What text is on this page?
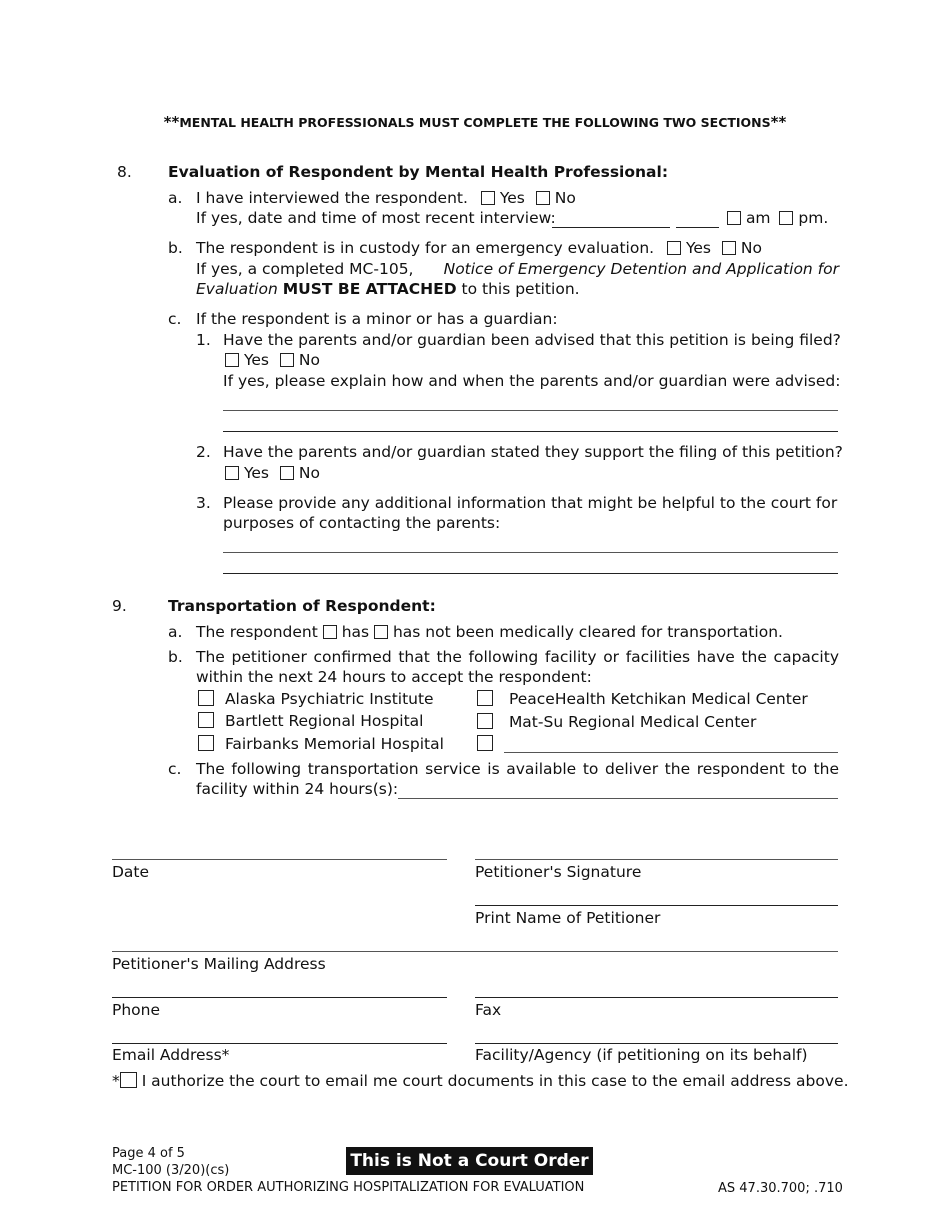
**MENTAL HEALTH PROFESSIONALS MUST COMPLETE THE FOLLOWING TWO SECTIONS**
8. Evaluation of Respondent by Mental Health Professional:
a. I have interviewed the respondent. Yes No
If yes, date and time of most recent interview:	am pm.
b. The respondent is in custody for an emergency evaluation. Yes No
If yes, a completed MC-105, Notice of Emergency Detention and Application for
Evaluation MUST BE ATTACHED to this petition.
c. If the respondent is a minor or has a guardian:
1. Have the parents and/or guardian been advised that this petition is being filed?
Yes No
If yes, please explain how and when the parents and/or guardian were advised:
2. Have the parents and/or guardian stated they support the filing of this petition?
Yes No
3. Please provide any additional information that might be helpful to the court for
purposes of contacting the parents:
9.	Transportation of Respondent:
a. The respondent has has not been medically cleared for transportation.
b. The petitioner confirmed that the following facility or facilities have the capacity
within the next 24 hours to accept the respondent:
Alaska Psychiatric Institute
Bartlett Regional Hospital
Fairbanks Memorial Hospital
PeaceHealth Ketchikan Medical Center
Mat-Su Regional Medical Center
c. The following transportation service is available to deliver the respondent to the
facility within 24 hours(s):
Date	Petitioner's Signature
Print Name of Petitioner
Petitioner's Mailing Address
Phone	Fax
Email Address*	Facility/Agency (if petitioning on its behalf)
* I authorize the court to email me court documents in this case to the email address above.
Page 4 of 5
MC-100 (3/20)(cs)
PETITION FOR ORDER AUTHORIZING HOSPITALIZATION FOR EVALUATION
This is Not a Court Order
AS 47.30.700; .710
